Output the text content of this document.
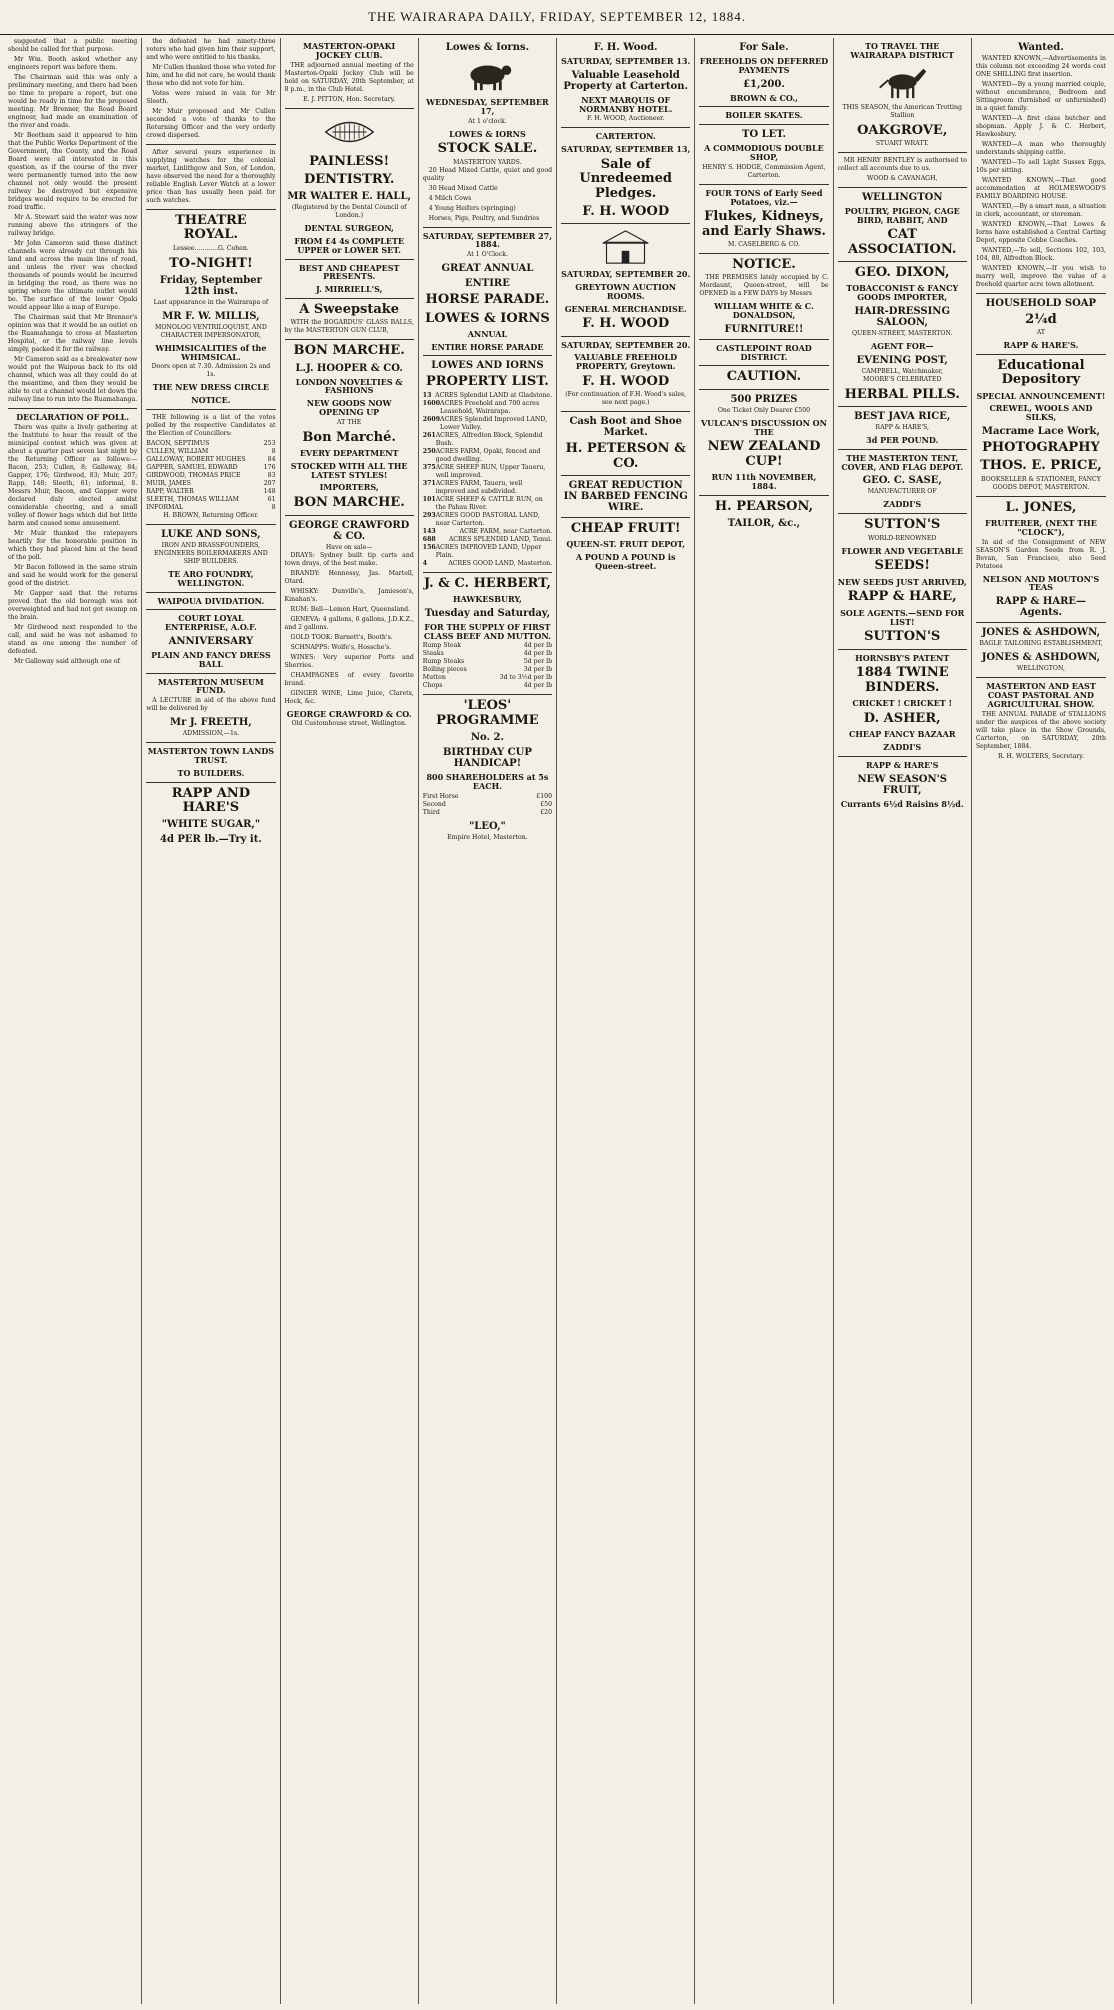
THE WAIRARAPA DAILY, FRIDAY, SEPTEMBER 12, 1884.

suggested that a public meeting should be called for that purpose.

Mr Wm. Booth asked whether any engineers report was before them.

The Chairman said this was only a preliminary meeting, and there had been no time to prepare a report, but one would be ready in time for the proposed meeting. Mr Brenner, the Road Board engineer, had made an examination of the river and roads.

Mr Beetham said it appeared to him that the Public Works Department of the Government, the County, and the Road Board were all interested in this question, as if the course of the river were permanently turned into the new channel not only would the present railway be destroyed but expensive bridges would require to be erected for road traffic.

Mr A. Stewart said the water was now running above the stringers of the railway bridge.

Mr John Cameron said these distinct channels were already cut through his land and across the main line of road, and unless the river was checked thousands of pounds would be incurred in bridging the road, as there was no spring where the ultimate outlet would be. The surface of the lower Opaki would appear like a map of Europe.

The Chairman said that Mr Brenner's opinion was that it would be an outlet on the Ruamahanga to cross at Masterton Hospital, or the railway line levels simply, packed it for the railway.

Mr Cameron said as a breakwater now would put the Waipoua back to its old channel, which was all they could do at the meantime, and then they would be able to cut a channel would let down the railway line to run into the Ruamahanga.

DECLARATION OF POLL.

There was quite a lively gathering at the Institute to hear the result of the municipal contest which was given at about a quarter past seven last night by the Returning Officer as follows:— Bacon, 253; Cullen, 8; Galloway, 84; Gapper, 176; Girdwood, 83; Muir, 207; Rapp, 148; Sleeth, 61; informal, 8. Messrs Muir, Bacon, and Gapper were declared duly elected amidst considerable cheering, and a small volley of flower bags which did but little harm and caused some amusement.

Mr Muir thanked the ratepayers heartily for the honorable position in which they had placed him at the head of the poll.

Mr Bacon followed in the same strain and said he would work for the general good of the district.

Mr Gapper said that the returns proved that the old borough was not overweighted and had not got swamp on the brain.

Mr Girdwood next responded to the call, and said he was not ashamed to stand as one among the number of defeated.

Mr Galloway said although one of

the defeated he had ninety-three voters who had given him their support, and who were entitled to his thanks.

Mr Cullen thanked those who voted for him, and he did not care, he would thank those who did not vote for him.

Votes were raised in vain for Mr Sleeth.

Mr Muir proposed and Mr Cullen seconded a vote of thanks to the Returning Officer and the very orderly crowd dispersed.

After several years experience in supplying watches for the colonial market, Linlithgow and Son, of London, have observed the need for a thoroughly reliable English Lever Watch at a lower price than has usually been paid for such watches.

THEATRE ROYAL.
Lessee............G. Cohen.
TO-NIGHT!
Friday, September 12th inst.
Last appearance in the Wairarapa of
MR F. W. MILLIS,
MONOLOG VENTRILOQUIST, AND CHARACTER IMPERSONATOR,
WHIMSICALITIES of the WHIMSICAL.
Doors open at 7.30. Admission 2s and 1s.
THE NEW DRESS CIRCLE
NOTICE.

THE following is a list of the votes polled by the respective Candidates at the Election of Councillors:

BACON, SEPTIMUS	253
CULLEN, WILLIAM	8
GALLOWAY, ROBERT HUGHES	84
GAPPER, SAMUEL EDWARD	176
GIRDWOOD, THOMAS PRICE	83
MUIR, JAMES	207
RAPP, WALTER	148
SLEETH, THOMAS WILLIAM	61
INFORMAL	8
H. BROWN, Returning Officer.
LUKE AND SONS,
IRON AND BRASSFOUNDERS, ENGINEERS BOILERMAKERS AND SHIP BUILDERS.
TE ARO FOUNDRY, WELLINGTON.
WAIPOUA DIVIDATION.
COURT LOYAL ENTERPRISE, A.O.F.
ANNIVERSARY
PLAIN AND FANCY DRESS BALL
MASTERTON MUSEUM FUND.

A LECTURE in aid of the above fund will be delivered by

Mr J. FREETH,
ADMISSION,—1s.
MASTERTON TOWN LANDS TRUST.
TO BUILDERS.
RAPP AND HARE'S
"WHITE SUGAR,"
4d PER lb.—Try it.
MASTERTON-OPAKI JOCKEY CLUB.

THE adjourned annual meeting of the Masterton-Opaki Jockey Club will be held on SATURDAY, 20th September, at 8 p.m., in the Club Hotel.

E. J. PITTON, Hon. Secretary.
PAINLESS!
DENTISTRY.
MR WALTER E. HALL,
(Registered by the Dental Council of London.)
DENTAL SURGEON,
FROM £4 4s COMPLETE UPPER or LOWER SET.
BEST AND CHEAPEST PRESENTS.
J. MIRRIELL'S,
A Sweepstake

WITH the BOGARDUS' GLASS BALLS, by the MASTERTON GUN CLUB,

BON MARCHE.
L.J. HOOPER & CO.
LONDON NOVELTIES & FASHIONS
NEW GOODS NOW OPENING UP
AT THE
Bon Marché.
EVERY DEPARTMENT
STOCKED WITH ALL THE LATEST STYLES!
IMPORTERS,
BON MARCHE.
GEORGE CRAWFORD & CO.
Have on sale—

DRAYS: Sydney built tip carts and town drays, of the best make.

BRANDY: Hennessy, Jas. Martell, Otard.

WHISKY: Dunville's, Jamieson's, Kinahan's.

RUM: Bell—Lemon Hart, Queensland.

GENEVA: 4 gallons, 6 gallons, J.D.K.Z., and 2 gallons.

GOLD TOOK: Burnett's, Booth's.

SCHNAPPS: Wolfe's, Hossche's.

WINES: Very superior Ports and Sherries.

CHAMPAGNES of every favorite brand.

GINGER WINE, Lime Juice, Clarets, Hock, &c.

GEORGE CRAWFORD & CO.
Old Customhouse street, Wellington.
Lowes & Iorns.
WEDNESDAY, SEPTEMBER 17,
At 1 o'clock.
LOWES & IORNS
STOCK SALE.
MASTERTON YARDS.

20 Head Mixed Cattle, quiet and good quality

30 Head Mixed Cattle

4 Milch Cows

4 Young Heifers (springing)

Horses, Pigs, Poultry, and Sundries

SATURDAY, SEPTEMBER 27, 1884.
At 1 O'Clock.
GREAT ANNUAL
ENTIRE
HORSE PARADE.
LOWES & IORNS
ANNUAL
ENTIRE HORSE PARADE
LOWES AND IORNS
PROPERTY LIST.
13 ACRES Splendid LAND at Gladstone.
1600 ACRES Freehold and 700 acres Leasehold, Wairarapa.
2609 ACRES Splendid Improved LAND, Lower Valley.
261 ACRES, Alfredton Block, Splendid Bush.
250 ACRES FARM, Opaki, fenced and good dwelling.
375 ACRE SHEEP RUN, Upper Taueru, well improved.
371 ACRES FARM, Taueru, well improved and subdivided.
101 ACRE SHEEP & CATTLE RUN, on the Pahau River.
293 ACRES GOOD PASTORAL LAND, near Carterton.
143	ACRE FARM, near Carterton.
688 ACRES SPLENDID LAND, Tenui.
156 ACRES IMPROVED LAND, Upper Plain.
4	ACRES GOOD LAND, Masterton.
J. & C. HERBERT,
HAWKESBURY,
Tuesday and Saturday,
FOR THE SUPPLY OF FIRST CLASS BEEF AND MUTTON.
Rump Steak	4d per lb
Steaks	4d per lb
Rump Steaks	5d per lb
Boiling pieces	3d per lb
Mutton	3d to 3½d per lb
Chops	4d per lb
'LEOS' PROGRAMME
No. 2.
BIRTHDAY CUP HANDICAP!
800 SHAREHOLDERS at 5s EACH.
First Horse	£100
Second	£50
Third	£20
"LEO,"
Empire Hotel, Masterton.
F. H. Wood.
SATURDAY, SEPTEMBER 13.
Valuable Leasehold Property at Carterton.
NEXT MARQUIS OF NORMANBY HOTEL.
F. H. WOOD, Auctioneer.
CARTERTON.
SATURDAY, SEPTEMBER 13,
Sale of Unredeemed Pledges.
F. H. WOOD
SATURDAY, SEPTEMBER 20.
GREYTOWN AUCTION ROOMS.
GENERAL MERCHANDISE.
F. H. WOOD
SATURDAY, SEPTEMBER 20.
VALUABLE FREEHOLD PROPERTY, Greytown.
F. H. WOOD
(For continuation of F.H. Wood's sales, see next page.)
Cash Boot and Shoe Market.
H. PETERSON & CO.
GREAT REDUCTION IN BARBED FENCING WIRE.
CHEAP FRUIT!
QUEEN-ST. FRUIT DEPOT,
A POUND A POUND is Queen-street.
For Sale.
FREEHOLDS ON DEFERRED PAYMENTS
£1,200.
BROWN & CO.,
BOILER SKATES.
TO LET.
A COMMODIOUS DOUBLE SHOP,
HENRY S. HODGE, Commission Agent, Carterton.
FOUR TONS of Early Seed Potatoes, viz.—
Flukes, Kidneys, and Early Shaws.
M. CASELBERG & CO.
NOTICE.

THE PREMISES lately occupied by C. Mordaunt, Queen-street, will be OPENED in a FEW DAYS by Messrs

WILLIAM WHITE & C. DONALDSON,
FURNITURE!!
CASTLEPOINT ROAD DISTRICT.
CAUTION.
500 PRIZES
One Ticket Only Dearer £500
VULCAN'S DISCUSSION ON THE
NEW ZEALAND CUP!
RUN 11th NOVEMBER, 1884.
H. PEARSON,
TAILOR, &c.,
TO TRAVEL THE WAIRARAPA DISTRICT
THIS SEASON, the American Trotting Stallion
OAKGROVE,
STUART WRATT.

MR HENRY BENTLEY is authorised to collect all accounts due to us.

WOOD & CAVANAGH,
WELLINGTON
POULTRY, PIGEON, CAGE BIRD, RABBIT, AND
CAT ASSOCIATION.
GEO. DIXON,
TOBACCONIST & FANCY GOODS IMPORTER,
HAIR-DRESSING SALOON,
QUEEN-STREET, MASTERTON.
AGENT FOR—
EVENING POST,
CAMPBELL, Watchmaker,
MOORE'S CELEBRATED
HERBAL PILLS.
BEST JAVA RICE,
RAPP & HARE'S,
3d PER POUND.
THE MASTERTON TENT, COVER, AND FLAG DEPOT.
GEO. C. SASE,
MANUFACTURER OF
ZADDI'S
SUTTON'S
WORLD-RENOWNED
FLOWER AND VEGETABLE
SEEDS!
NEW SEEDS JUST ARRIVED,
RAPP & HARE,
SOLE AGENTS.—SEND FOR LIST!
SUTTON'S
HORNSBY'S PATENT
1884 TWINE BINDERS.
CRICKET ! CRICKET !
D. ASHER,
CHEAP FANCY BAZAAR
ZADDI'S
RAPP & HARE'S
NEW SEASON'S FRUIT,
Currants 6½d Raisins 8½d.
Wanted.

WANTED KNOWN,—Advertisements in this column not exceeding 24 words cost ONE SHILLING first insertion.

WANTED—By a young married couple, without encumbrance, Bedroom and Sittingroom (furnished or unfurnished) in a quiet family.

WANTED—A first class butcher and shopman. Apply J. & C. Herbert, Hawkesbury.

WANTED—A man who thoroughly understands shipping cattle.

WANTED—To sell Light Sussex Eggs, 10s per sitting.

WANTED KNOWN,—That good accommodation at HOLMESWOOD'S FAMILY BOARDING HOUSE.

WANTED,—By a smart man, a situation in clerk, accountant, or storeman.

WANTED KNOWN,—That Lowes & Iorns have established a Central Carting Depot, opposite Cobbe Coaches.

WANTED,—To sell, Sections 102, 103, 104, 80, Alfredton Block.

WANTED KNOWN,—If you wish to marry well, improve the value of a freehold quarter acre town allotment.

HOUSEHOLD SOAP
2¼d
AT
RAPP & HARE'S.
Educational Depository
SPECIAL ANNOUNCEMENT!
CREWEL, WOOLS AND SILKS,
Macrame Lace Work,
PHOTOGRAPHY
THOS. E. PRICE,
BOOKSELLER & STATIONER, FANCY GOODS DEPOT, MASTERTON.
L. JONES,
FRUITERER, (NEXT THE "CLOCK"),

In aid of the Consignment of NEW SEASON'S Garden Seeds from R. J. Bevan, San Francisco, also Seed Potatoes

NELSON AND MOUTON'S TEAS
RAPP & HARE—Agents.
JONES & ASHDOWN,
BAGLE TAILORING ESTABLISHMENT,
JONES & ASHDOWN,
WELLINGTON,
MASTERTON AND EAST COAST PASTORAL AND AGRICULTURAL SHOW.

THE ANNUAL PARADE of STALLIONS under the auspices of the above society will take place in the Show Grounds, Carterton, on SATURDAY, 20th September, 1884.

R. H. WOLTERS, Secretary.
